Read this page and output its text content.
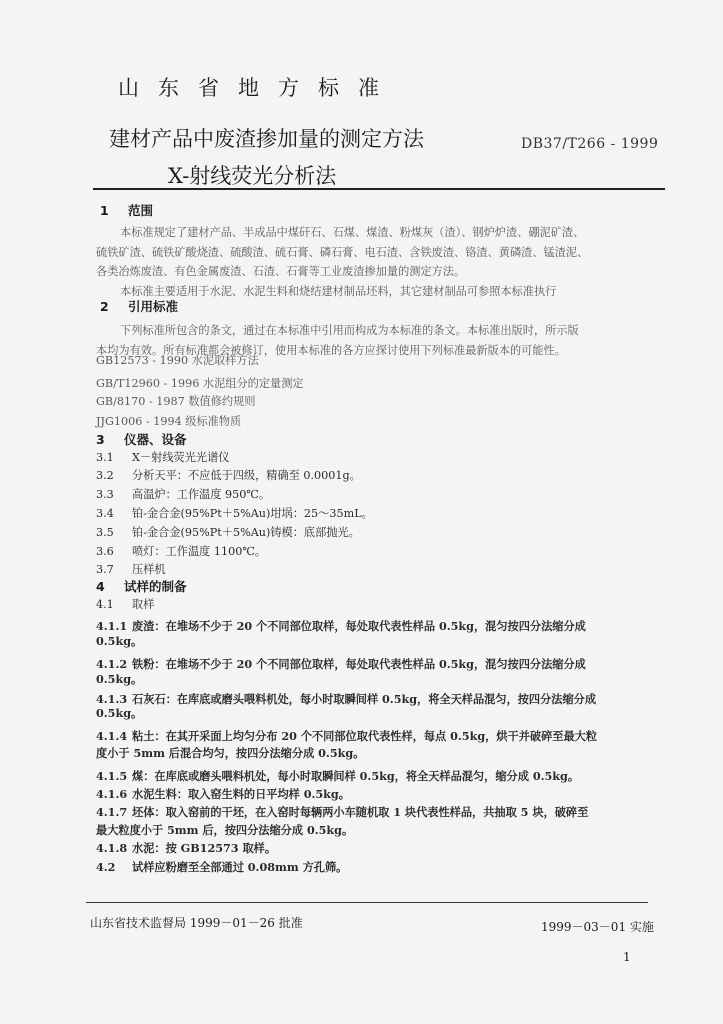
山东省地方标准
建材产品中废渣掺加量的测定方法
X-射线荧光分析法
DB37/T266 - 1999
1 范围
本标准规定了建材产品、半成品中煤矸石、石煤、煤渣、粉煤灰（渣）、钢炉炉渣、硼泥矿渣、
硫铁矿渣、硫铁矿酸烧渣、硫酸渣、硫石膏、磷石膏、电石渣、含铁废渣、铬渣、黄磷渣、锰渣泥、
各类冶炼废渣、有色金属废渣、石渣、石膏等工业废渣掺加量的测定方法。
本标准主要适用于水泥、水泥生料和烧结建材制品坯料，其它建材制品可参照本标准执行
2 引用标准
下列标准所包含的条文，通过在本标准中引用而构成为本标准的条文。本标准出版时，所示版
本均为有效。所有标准都会被修订，使用本标准的各方应探讨使用下列标准最新版本的可能性。
GB12573 - 1990 水泥取样方法
GB/T12960 - 1996 水泥组分的定量测定
GB/8170 - 1987 数值修约规则
JJG1006 - 1994 级标准物质
3 仪器、设备
3.1 X－射线荧光光谱仪
3.2 分析天平：不应低于四级，精确至 0.0001g。
3.3 高温炉：工作温度 950℃。
3.4 铂-金合金(95%Pt＋5%Au)坩埚：25～35mL。
3.5 铂-金合金(95%Pt＋5%Au)铸模：底部抛光。
3.6 喷灯：工作温度 1100℃。
3.7 压样机
4 试样的制备
4.1 取样
4.1.1 废渣：在堆场不少于 20 个不同部位取样，每处取代表性样品 0.5kg，混匀按四分法缩分成
0.5kg。
4.1.2 铁粉：在堆场不少于 20 个不同部位取样，每处取代表性样品 0.5kg，混匀按四分法缩分成
0.5kg。
4.1.3 石灰石：在库底或磨头喂料机处，每小时取瞬间样 0.5kg，将全天样品混匀，按四分法缩分成
0.5kg。
4.1.4 粘土：在其开采面上均匀分布 20 个不同部位取代表性样，每点 0.5kg，烘干并破碎至最大粒
度小于 5mm 后混合均匀，按四分法缩分成 0.5kg。
4.1.5 煤：在库底或磨头喂料机处，每小时取瞬间样 0.5kg，将全天样品混匀，缩分成 0.5kg。
4.1.6 水泥生料：取入窑生料的日平均样 0.5kg。
4.1.7 坯体：取入窑前的干坯，在入窑时每辆两小车随机取 1 块代表性样品，共抽取 5 块，破碎至
最大粒度小于 5mm 后，按四分法缩分成 0.5kg。
4.1.8 水泥：按 GB12573 取样。
4.2 试样应粉磨至全部通过 0.08mm 方孔筛。
山东省技术监督局 1999－01－26 批准	1999－03－01 实施
1
